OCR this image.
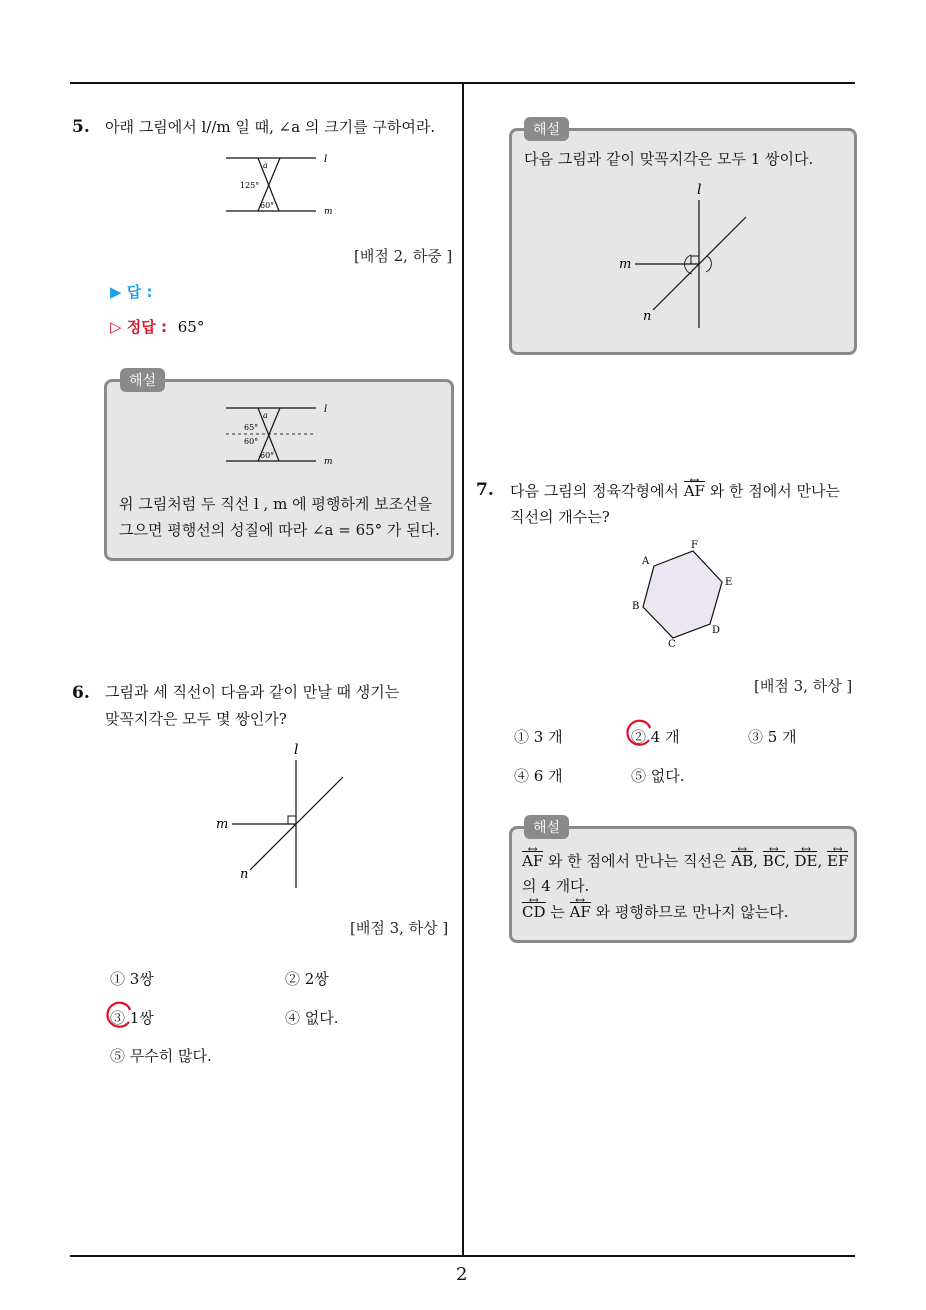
2
5. 아래 그림에서 l//m 일 때, ∠a 의 크기를 구하여라.
l
m
a
125°
60°
[배점 2, 하중 ]
▶ 답 :
▷ 정답 : 65°
해설
l
m
a
65°
60°
60°
위 그림처럼 두 직선 l , m 에 평행하게 보조선을
그으면 평행선의 성질에 따라 ∠a = 65° 가 된다.
6. 그림과 세 직선이 다음과 같이 만날 때 생기는
맞꼭지각은 모두 몇 쌍인가?
l
m
n
[배점 3, 하상 ]
① 3쌍	② 2쌍
③ 1쌍	④ 없다.
⑤ 무수히 많다.
해설
다음 그림과 같이 맞꼭지각은 모두 1 쌍이다.
l
m
n
7. 다음 그림의 정육각형에서 ↔ AF 와 한 점에서 만나는
직선의 개수는?
A
F
E
D
C
B
[배점 3, 하상 ]
① 3 개	② 4 개	③ 5 개
④ 6 개	⑤ 없다.
해설
↔ AF 와 한 점에서 만나는 직선은 ↔ AB, ↔ BC, ↔ DE, ↔ EF
의 4 개다.
↔ CD 는 ↔ AF 와 평행하므로 만나지 않는다.
